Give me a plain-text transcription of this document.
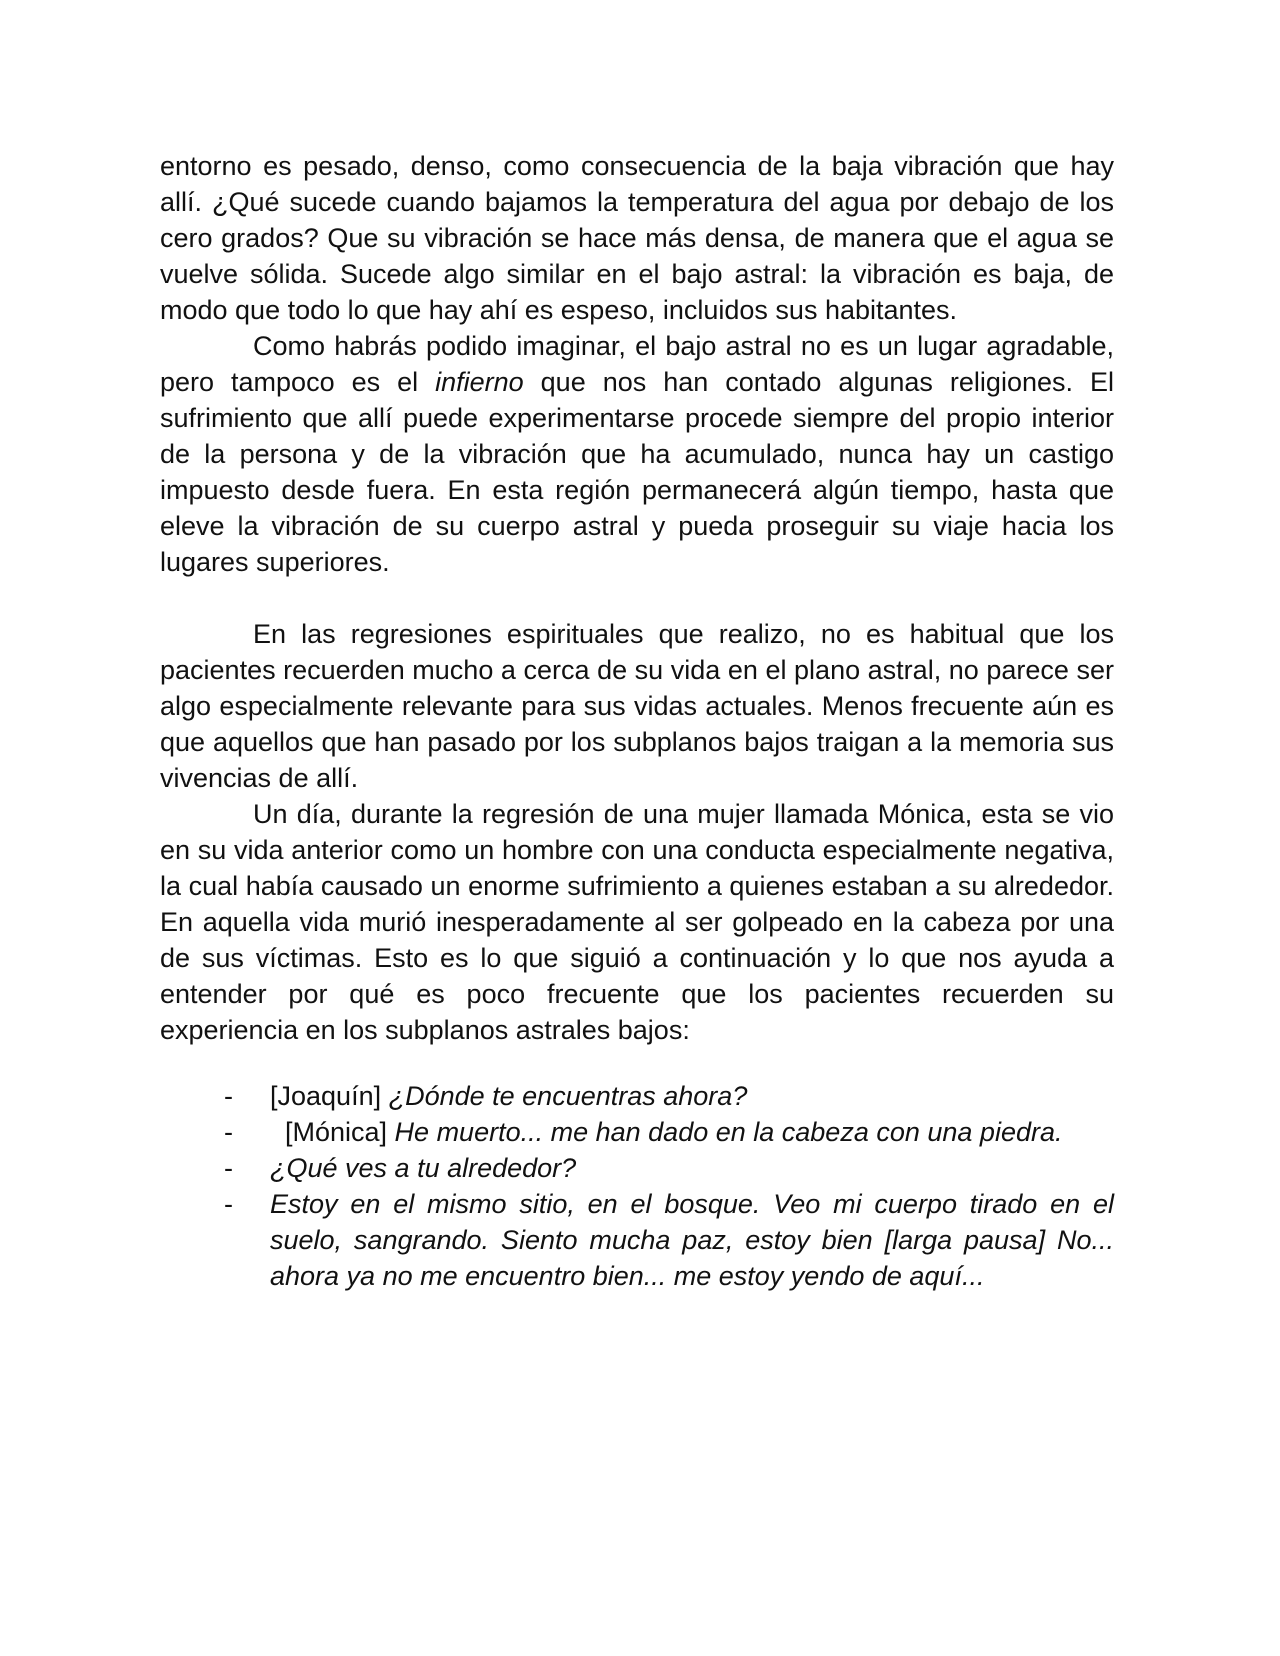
entorno es pesado, denso, como consecuencia de la baja vibración que hay allí. ¿Qué sucede cuando bajamos la temperatura del agua por debajo de los cero grados? Que su vibración se hace más densa, de manera que el agua se vuelve sólida. Sucede algo similar en el bajo astral: la vibración es baja, de modo que todo lo que hay ahí es espeso, incluidos sus habitantes.

Como habrás podido imaginar, el bajo astral no es un lugar agradable, pero tampoco es el infierno que nos han contado algunas religiones. El sufrimiento que allí puede experimentarse procede siempre del propio interior de la persona y de la vibración que ha acumulado, nunca hay un castigo impuesto desde fuera. En esta región permanecerá algún tiempo, hasta que eleve la vibración de su cuerpo astral y pueda proseguir su viaje hacia los lugares superiores.

En las regresiones espirituales que realizo, no es habitual que los pacientes recuerden mucho a cerca de su vida en el plano astral, no parece ser algo especialmente relevante para sus vidas actuales. Menos frecuente aún es que aquellos que han pasado por los subplanos bajos traigan a la memoria sus vivencias de allí.

Un día, durante la regresión de una mujer llamada Mónica, esta se vio en su vida anterior como un hombre con una conducta especialmente negativa, la cual había causado un enorme sufrimiento a quienes estaban a su alrededor. En aquella vida murió inesperadamente al ser golpeado en la cabeza por una de sus víctimas. Esto es lo que siguió a continuación y lo que nos ayuda a entender por qué es poco frecuente que los pacientes recuerden su experiencia en los subplanos astrales bajos:

- [Joaquín] ¿Dónde te encuentras ahora?
- [Mónica] He muerto... me han dado en la cabeza con una piedra.
- ¿Qué ves a tu alrededor?
- Estoy en el mismo sitio, en el bosque. Veo mi cuerpo tirado en el suelo, sangrando. Siento mucha paz, estoy bien [larga pausa] No... ahora ya no me encuentro bien... me estoy yendo de aquí...
